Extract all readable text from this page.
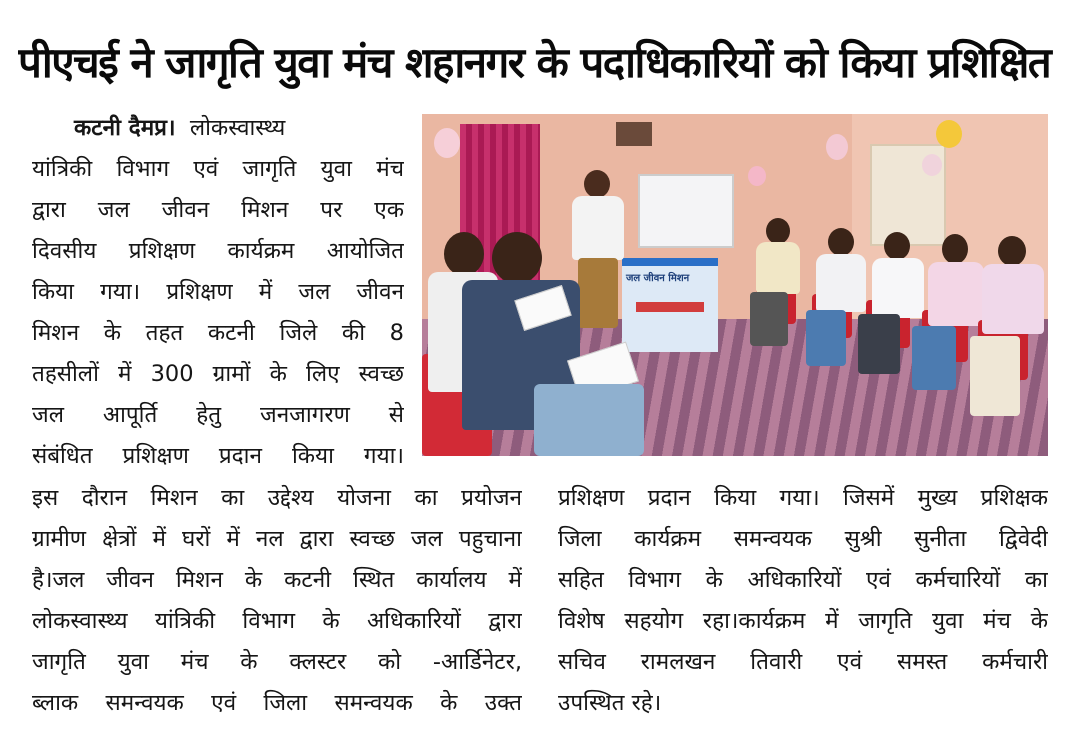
पीएचई ने जागृति युवा मंच शहानगर के पदाधिकारियों को किया प्रशिक्षित
कटनी दैमप्र। लोकस्वास्थ्य
यांत्रिकी विभाग एवं जागृति युवा मंच
द्वारा जल जीवन मिशन पर एक
दिवसीय प्रशिक्षण कार्यक्रम आयोजित
किया गया। प्रशिक्षण में जल जीवन
मिशन के तहत कटनी जिले की 8
तहसीलों में 300 ग्रामों के लिए स्वच्छ
जल आपूर्ति हेतु जनजागरण से
संबंधित प्रशिक्षण प्रदान किया गया।
जल जीवन मिशन
इस दौरान मिशन का उद्देश्य योजना का प्रयोजन
ग्रामीण क्षेत्रों में घरों में नल द्वारा स्वच्छ जल पहुचाना
है।जल जीवन मिशन के कटनी स्थित कार्यालय में
लोकस्वास्थ्य यांत्रिकी विभाग के अधिकारियों द्वारा
जागृति युवा मंच के क्लस्टर को -आर्डिनेटर,
ब्लाक समन्वयक एवं जिला समन्वयक के उक्त
प्रशिक्षण प्रदान किया गया। जिसमें मुख्य प्रशिक्षक
जिला कार्यक्रम समन्वयक सुश्री सुनीता द्विवेदी
सहित विभाग के अधिकारियों एवं कर्मचारियों का
विशेष सहयोग रहा।कार्यक्रम में जागृति युवा मंच के
सचिव रामलखन तिवारी एवं समस्त कर्मचारी
उपस्थित रहे।
